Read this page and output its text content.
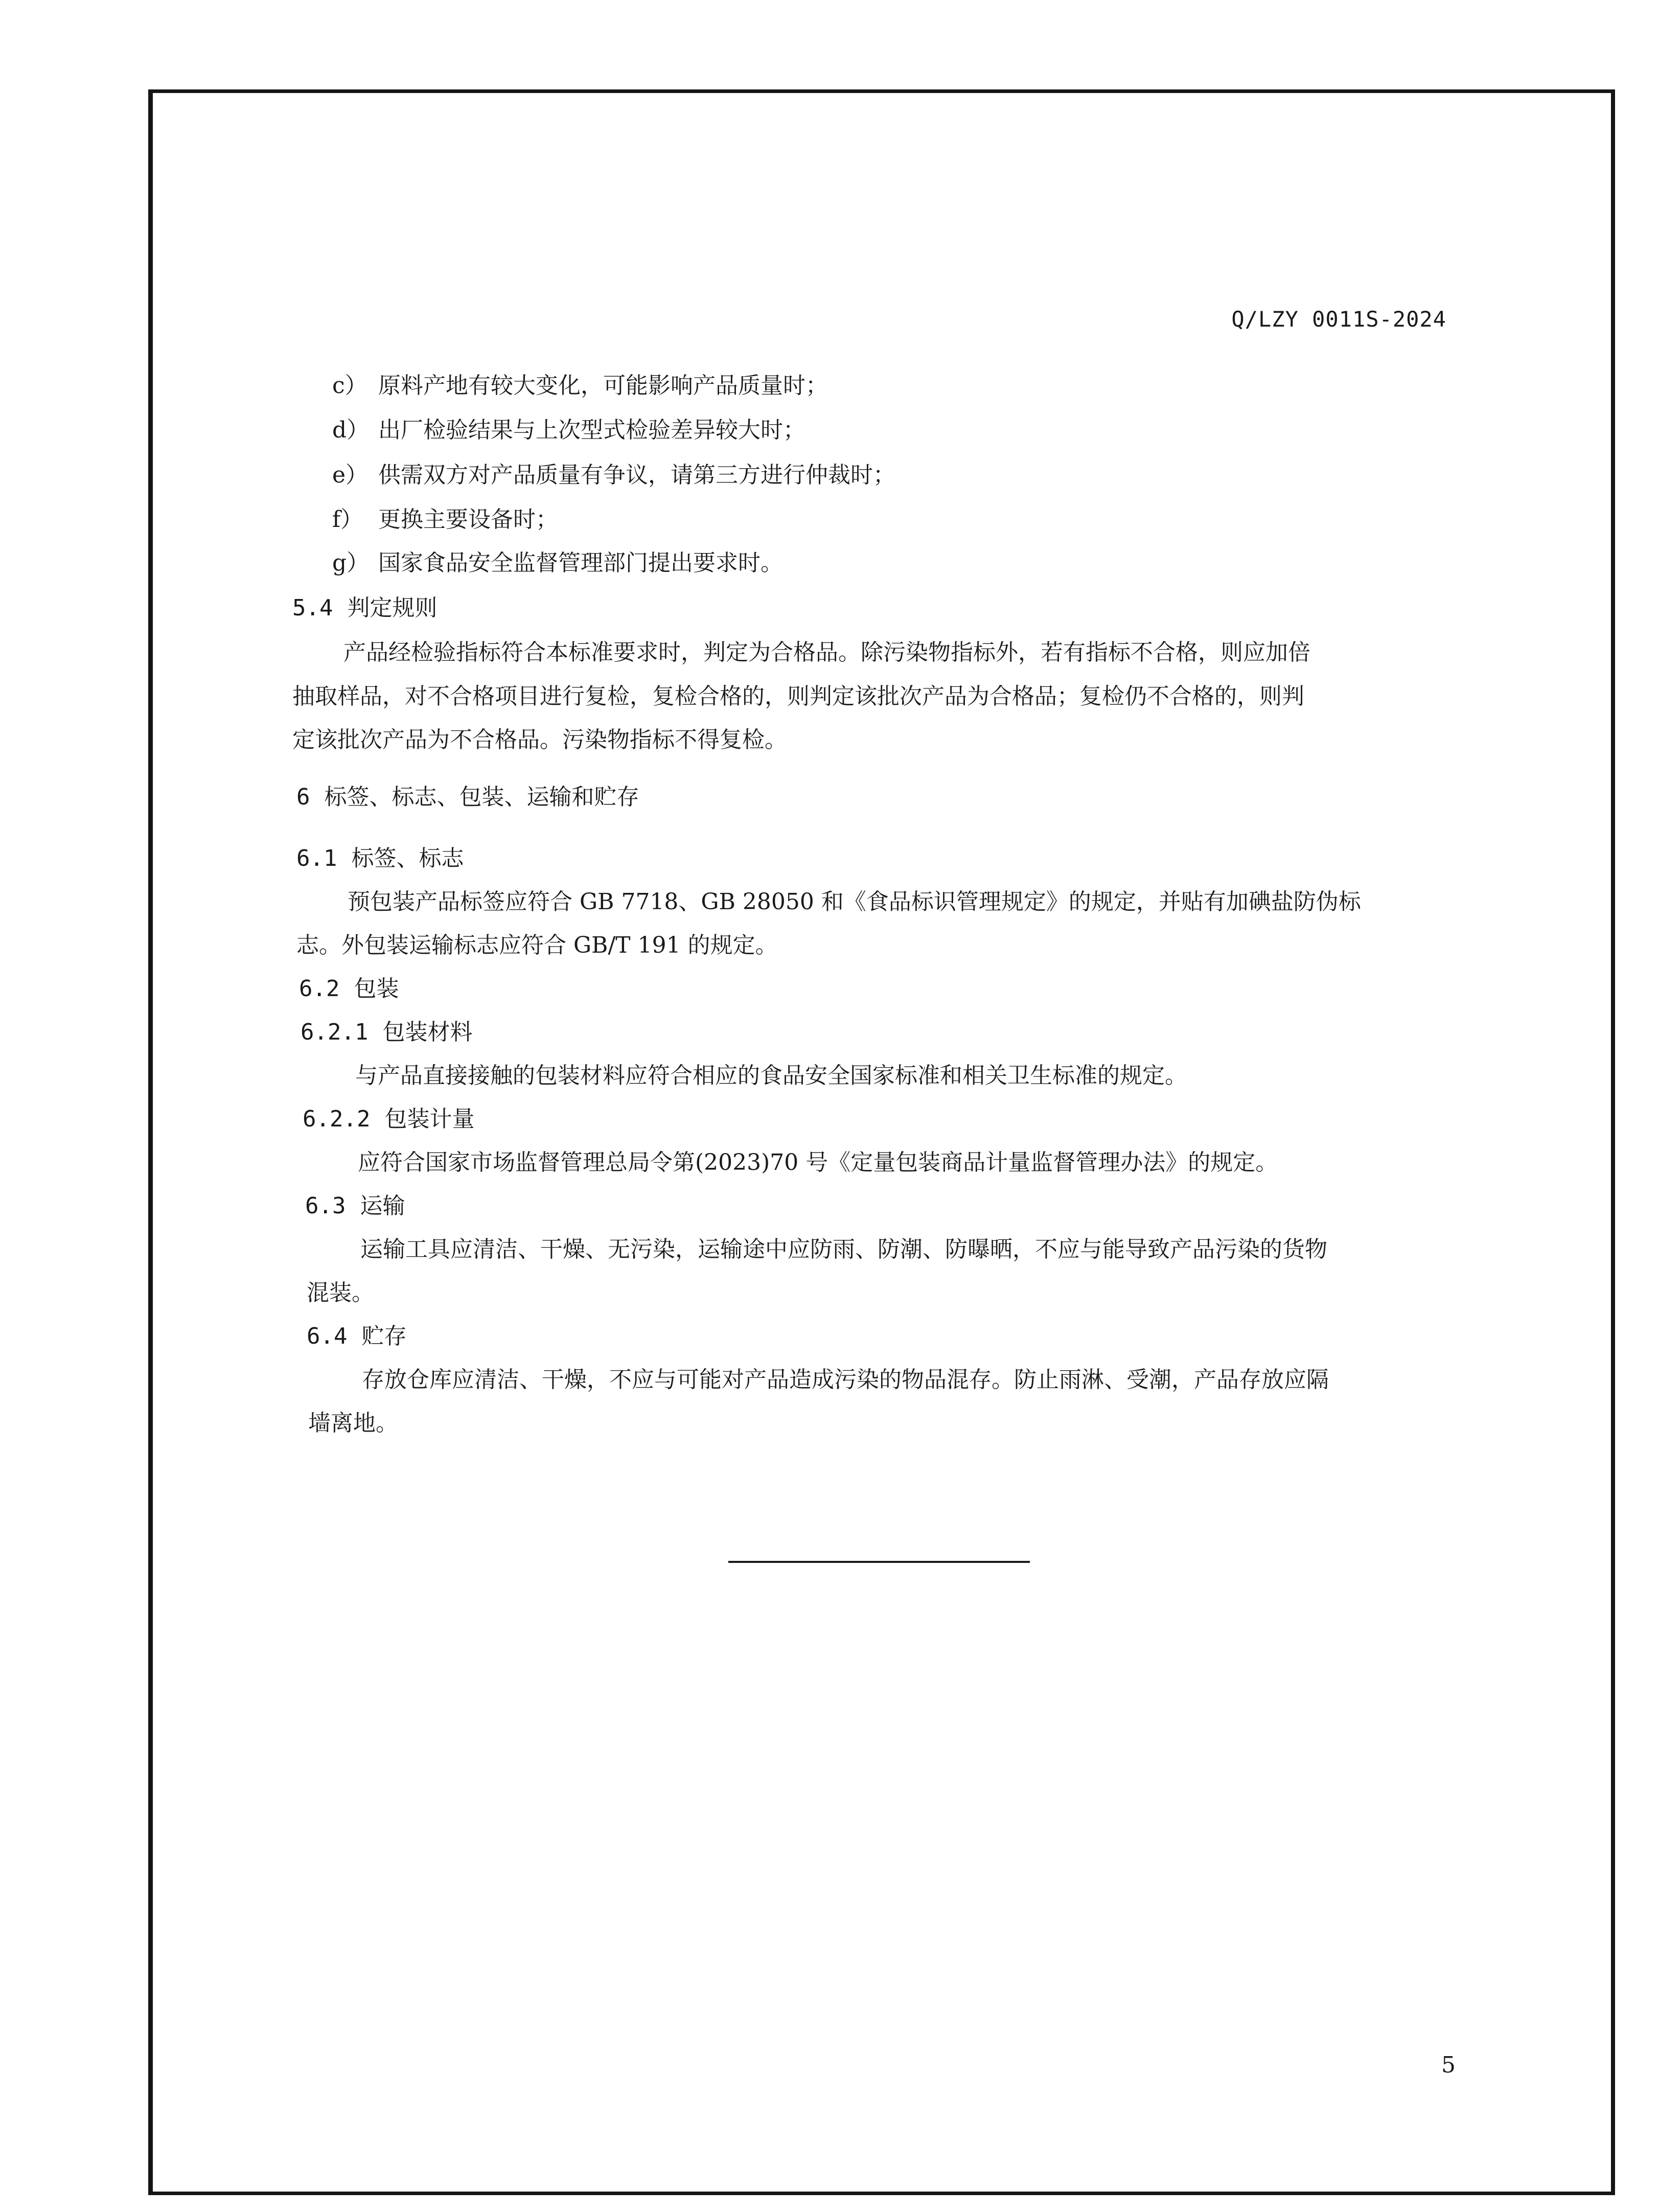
Q/LZY 0011S-2024
c） 原料产地有较大变化，可能影响产品质量时；
d） 出厂检验结果与上次型式检验差异较大时；
e） 供需双方对产品质量有争议，请第三方进行仲裁时；
f） 更换主要设备时；
g） 国家食品安全监督管理部门提出要求时。
5.4 判定规则
产品经检验指标符合本标准要求时，判定为合格品。除污染物指标外，若有指标不合格，则应加倍
抽取样品，对不合格项目进行复检，复检合格的，则判定该批次产品为合格品；复检仍不合格的，则判
定该批次产品为不合格品。污染物指标不得复检。
6 标签、标志、包装、运输和贮存
6.1 标签、标志
预包装产品标签应符合 GB 7718、GB 28050 和《食品标识管理规定》的规定，并贴有加碘盐防伪标
志。外包装运输标志应符合 GB/T 191 的规定。
6.2 包装
6.2.1 包装材料
与产品直接接触的包装材料应符合相应的食品安全国家标准和相关卫生标准的规定。
6.2.2 包装计量
应符合国家市场监督管理总局令第(2023)70 号《定量包装商品计量监督管理办法》的规定。
6.3 运输
运输工具应清洁、干燥、无污染，运输途中应防雨、防潮、防曝晒，不应与能导致产品污染的货物
混装。
6.4 贮存
存放仓库应清洁、干燥，不应与可能对产品造成污染的物品混存。防止雨淋、受潮，产品存放应隔
墙离地。
5
